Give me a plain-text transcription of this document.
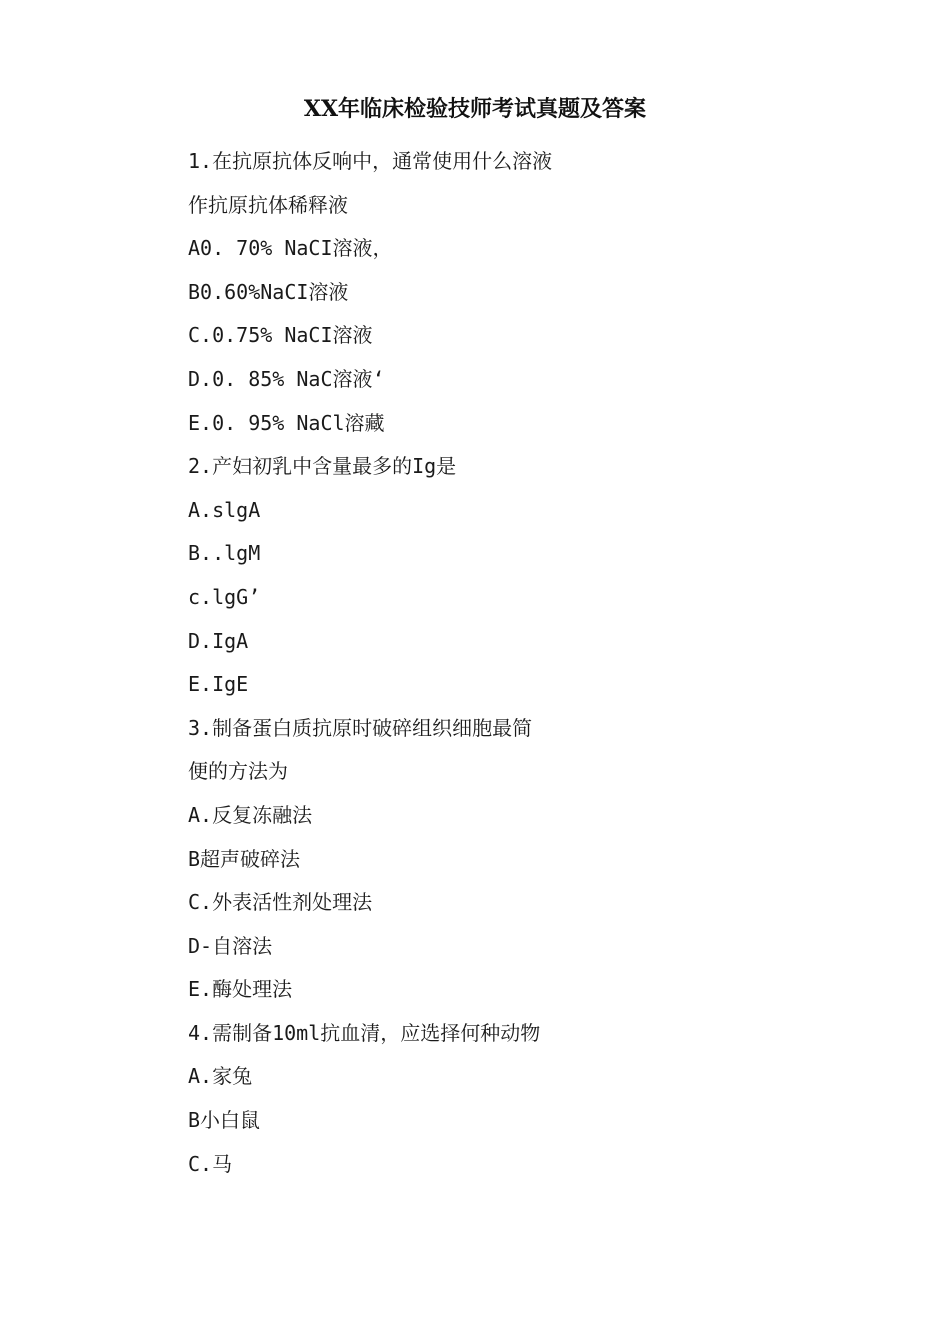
XX年临床检验技师考试真题及答案
1.在抗原抗体反响中，通常使用什么溶液
作抗原抗体稀释液
A0. 70% NaCI溶液，
B0.60%NaCI溶液
C.0.75% NaCI溶液
D.0. 85% NaC溶液‘
E.0. 95% NaCl溶藏
2.产妇初乳中含量最多的Ig是
A.slgA
B..lgM
c.lgG’
D.IgA
E.IgE
3.制备蛋白质抗原时破碎组织细胞最简
便的方法为
A.反复冻融法
B超声破碎法
C.外表活性剂处理法
D-自溶法
E.酶处理法
4.需制备10ml抗血清，应选择何种动物
A.家兔
B小白鼠
C.马
